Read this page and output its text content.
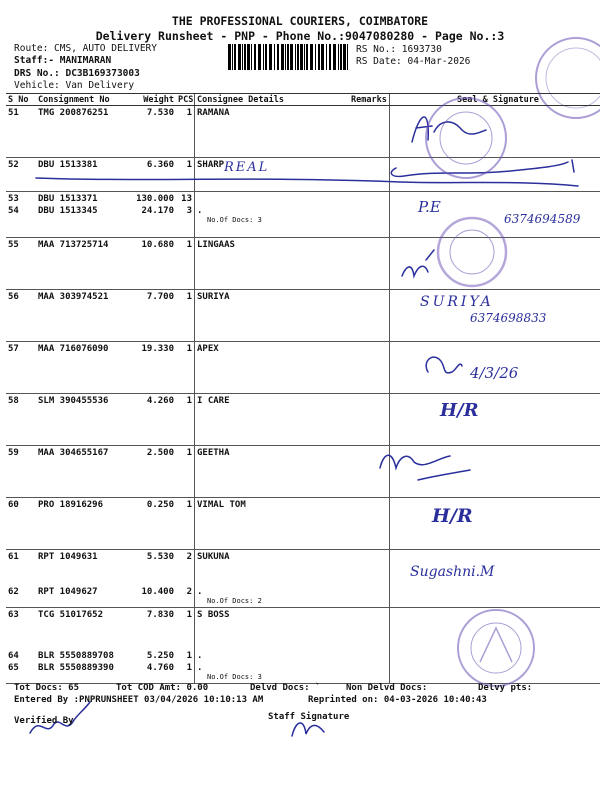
THE PROFESSIONAL COURIERS, COIMBATORE
Delivery Runsheet - PNP - Phone No.:9047080280 - Page No.:3
Route: CMS, AUTO DELIVERY
Staff:- MANIMARAN
DRS No.: DC3B169373003
Vehicle: Van Delivery
RS No.: 1693730
RS Date: 04-Mar-2026
S No	Consignment No	Weight	PCS	Consignee Details	Remarks	Seal & Signature
51	TMG 200876251	7.530	1	RAMANA		
52	DBU 1513381	6.360	1	SHARP		
53	DBU 1513371	130.000	13			
54	DBU 1513345	24.170	3	.
No.Of Docs: 3		

55	MAA 713725714	10.680	1	LINGAAS		
56	MAA 303974521	7.700	1	SURIYA		
57	MAA 716076090	19.330	1	APEX		
58	SLM 390455536	4.260	1	I CARE		
59	MAA 304655167	2.500	1	GEETHA		
60	PRO 18916296	0.250	1	VIMAL TOM		
61	RPT 1049631	5.530	2	SUKUNA		
62	RPT 1049627	10.400	2	.
No.Of Docs: 2		

63	TCG 51017652	7.830	1	S BOSS		
64	BLR 5550889708	5.250	1	.		
65	BLR 5550889390	4.760	1	.
No.Of Docs: 3		

REAL
P.E
6374694589
SURIYA
6374698833
4/3/26
H/R
H/R
Sugashni.M
Tot Docs: 65	Tot COD Amt: 0.00	Delvd Docs: `	Non Delvd Docs:	Delvy pts:
Entered By :PNPRUNSHEET 03/04/2026 10:10:13 AM	Reprinted on: 04-03-2026 10:40:43
Verified By	Staff Signature
